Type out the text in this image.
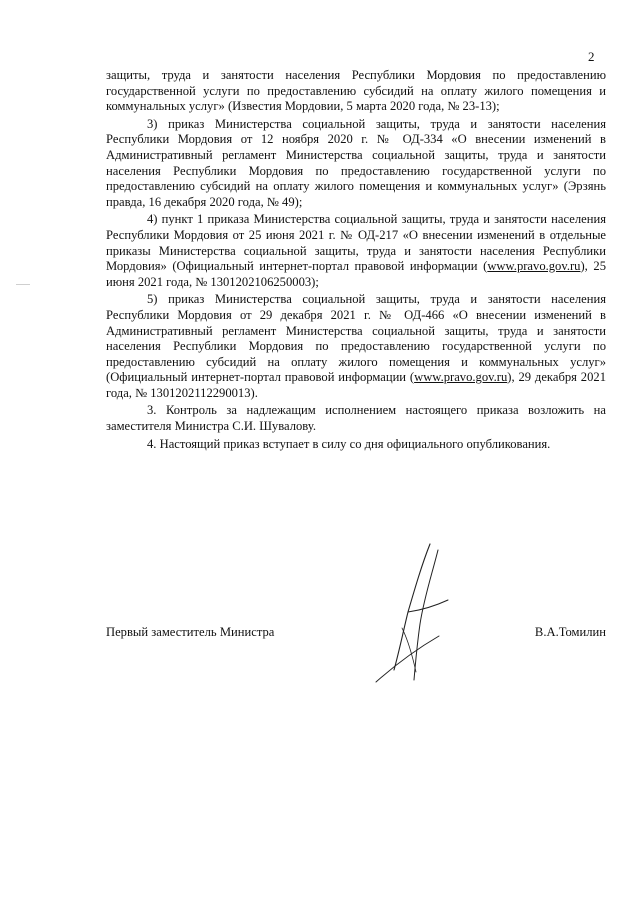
2

защиты, труда и занятости населения Республики Мордовия по предоставлению государственной услуги по предоставлению субсидий на оплату жилого помещения и коммунальных услуг» (Известия Мордовии, 5 марта 2020 года, № 23-13);

3) приказ Министерства социальной защиты, труда и занятости населения Республики Мордовия от 12 ноября 2020 г. № ОД-334 «О внесении изменений в Административный регламент Министерства социальной защиты, труда и занятости населения Республики Мордовия по предоставлению государственной услуги по предоставлению субсидий на оплату жилого помещения и коммунальных услуг» (Эрзянь правда, 16 декабря 2020 года, № 49);

4) пункт 1 приказа Министерства социальной защиты, труда и занятости населения Республики Мордовия от 25 июня 2021 г. № ОД-217 «О внесении изменений в отдельные приказы Министерства социальной защиты, труда и занятости населения Республики Мордовия» (Официальный интернет-портал правовой информации (www.pravo.gov.ru), 25 июня 2021 года, № 1301202106250003);

5) приказ Министерства социальной защиты, труда и занятости населения Республики Мордовия от 29 декабря 2021 г. № ОД-466 «О внесении изменений в Административный регламент Министерства социальной защиты, труда и занятости населения Республики Мордовия по предоставлению государственной услуги по предоставлению субсидий на оплату жилого помещения и коммунальных услуг» (Официальный интернет-портал правовой информации (www.pravo.gov.ru), 29 декабря 2021 года, № 1301202112290013).

3. Контроль за надлежащим исполнением настоящего приказа возложить на заместителя Министра С.И. Шувалову.

4. Настоящий приказ вступает в силу со дня официального опубликования.

Первый заместитель Министра	В.А.Томилин
